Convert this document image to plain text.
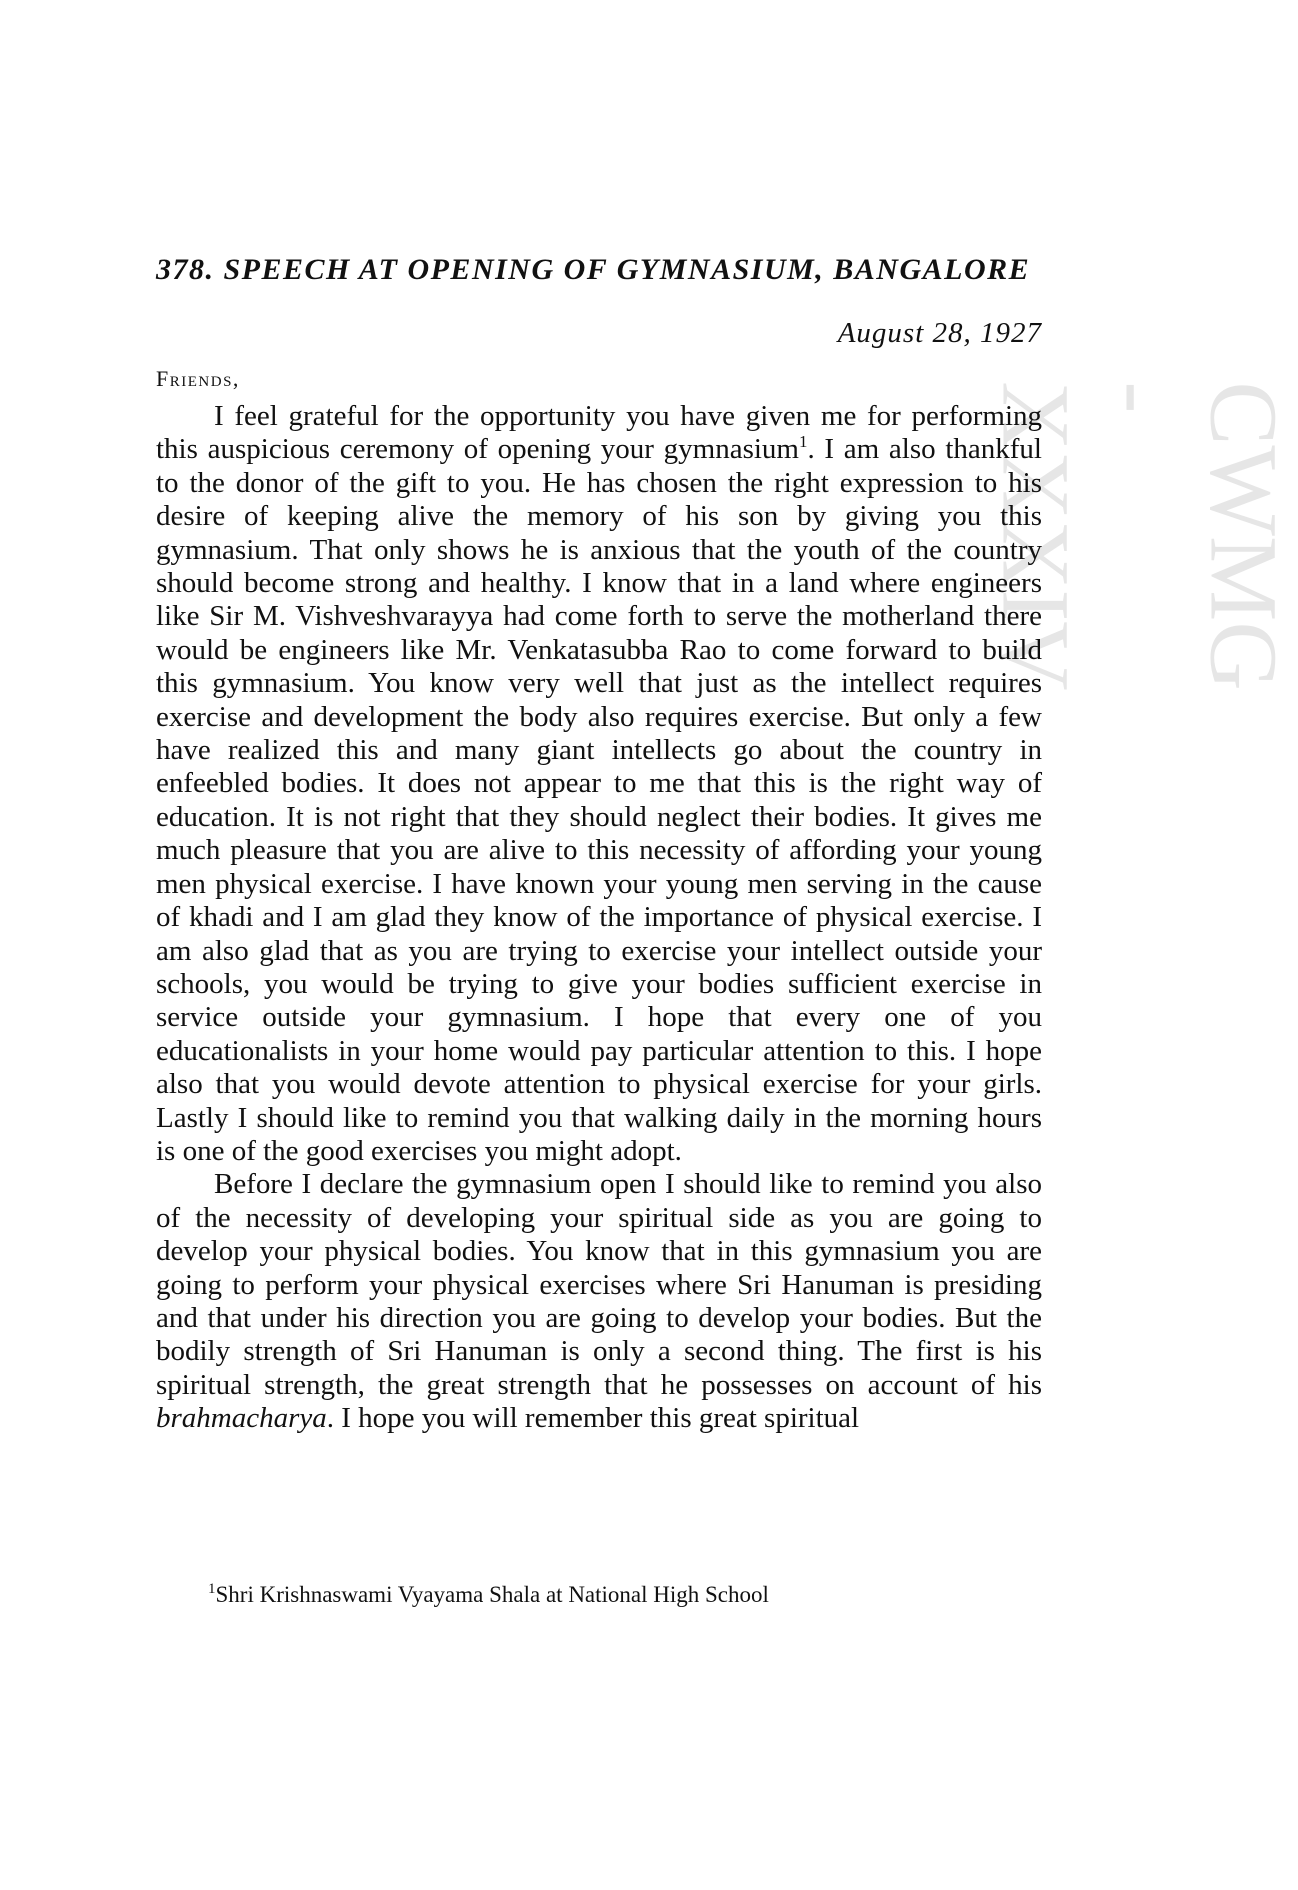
CWMG - XXXIV
378. SPEECH AT OPENING OF GYMNASIUM, BANGALORE
August 28, 1927
Friends,

I feel grateful for the opportunity you have given me for performing this auspicious ceremony of opening your gymnasium$^1$. I am also thankful to the donor of the gift to you. He has chosen the right expression to his desire of keeping alive the memory of his son by giving you this gymnasium. That only shows he is anxious that the youth of the country should become strong and healthy. I know that in a land where engineers like Sir M. Vishveshvarayya had come forth to serve the motherland there would be engineers like Mr. Venkatasubba Rao to come forward to build this gymnasium. You know very well that just as the intellect requires exercise and development the body also requires exercise. But only a few have realized this and many giant intellects go about the country in enfeebled bodies. It does not appear to me that this is the right way of education. It is not right that they should neglect their bodies. It gives me much pleasure that you are alive to this necessity of affording your young men physical exercise. I have known your young men serving in the cause of khadi and I am glad they know of the importance of physical exercise. I am also glad that as you are trying to exercise your intellect outside your schools, you would be trying to give your bodies sufficient exercise in service outside your gymnasium. I hope that every one of you educationalists in your home would pay particular attention to this. I hope also that you would devote attention to physical exercise for your girls. Lastly I should like to remind you that walking daily in the morning hours is one of the good exercises you might adopt.

Before I declare the gymnasium open I should like to remind you also of the necessity of developing your spiritual side as you are going to develop your physical bodies. You know that in this gymnasium you are going to perform your physical exercises where Sri Hanuman is presiding and that under his direction you are going to develop your bodies. But the bodily strength of Sri Hanuman is only a second thing. The first is his spiritual strength, the great strength that he possesses on account of his brahmacharya. I hope you will remember this great spiritual

$^1$Shri Krishnaswami Vyayama Shala at National High School
